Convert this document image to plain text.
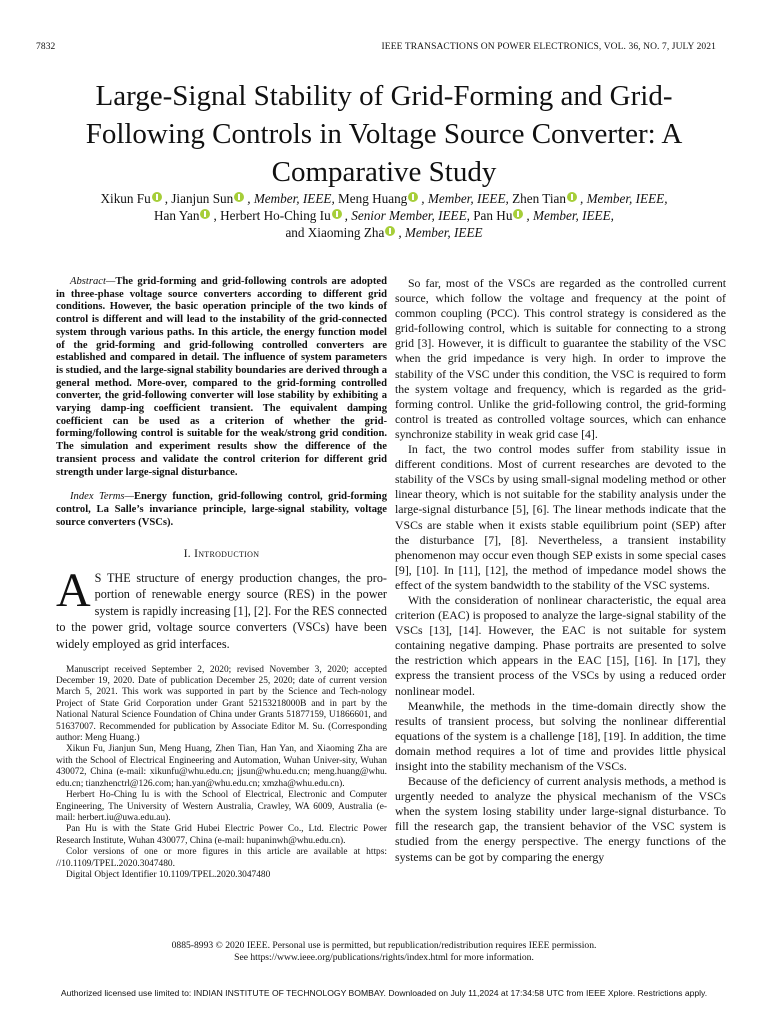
7832	IEEE TRANSACTIONS ON POWER ELECTRONICS, VOL. 36, NO. 7, JULY 2021
Large-Signal Stability of Grid-Forming and Grid-Following Controls in Voltage Source Converter: A Comparative Study
Xikun Fu , Jianjun Sun , Member, IEEE, Meng Huang , Member, IEEE, Zhen Tian , Member, IEEE,
Han Yan , Herbert Ho-Ching Iu , Senior Member, IEEE, Pan Hu , Member, IEEE,
and Xiaoming Zha , Member, IEEE
Abstract—The grid-forming and grid-following controls are adopted in three-phase voltage source converters according to different grid conditions. However, the basic operation principle of the two kinds of control is different and will lead to the instability of the grid-connected system through various paths. In this article, the energy function model of the grid-forming and grid-following controlled converters are established and compared in detail. The influence of system parameters is studied, and the large-signal stability boundaries are derived through a general method. More-over, compared to the grid-forming controlled converter, the grid-following converter will lose stability by exhibiting a varying damp-ing coefficient transient. The equivalent damping coefficient can be used as a criterion of whether the grid-forming/following control is suitable for the weak/strong grid condition. The simulation and experiment results show the difference of the transient process and validate the control criterion for different grid strength under large-signal disturbance.
Index Terms—Energy function, grid-following control, grid-forming control, La Salle’s invariance principle, large-signal stability, voltage source converters (VSCs).
I. Introduction

A S THE structure of energy production changes, the pro-portion of renewable energy source (RES) in the power system is rapidly increasing [1], [2]. For the RES connected to the power grid, voltage source converters (VSCs) have been widely employed as grid interfaces.

Manuscript received September 2, 2020; revised November 3, 2020; accepted December 19, 2020. Date of publication December 25, 2020; date of current version March 5, 2021. This work was supported in part by the Science and Tech-nology Project of State Grid Corporation under Grant 52153218000B and in part by the National Natural Science Foundation of China under Grants 51877159, U1866601, and 51637007. Recommended for publication by Associate Editor M. Su. (Corresponding author: Meng Huang.)

Xikun Fu, Jianjun Sun, Meng Huang, Zhen Tian, Han Yan, and Xiaoming Zha are with the School of Electrical Engineering and Automation, Wuhan Univer-sity, Wuhan 430072, China (e-mail: xikunfu@whu.edu.cn; jjsun@whu.edu.cn; meng.huang@whu. edu.cn; tianzhenctrl@126.com; han.yan@whu.edu.cn; xmzha@whu.edu.cn).

Herbert Ho-Ching Iu is with the School of Electrical, Electronic and Computer Engineering, The University of Western Australia, Crawley, WA 6009, Australia (e-mail: herbert.iu@uwa.edu.au).

Pan Hu is with the State Grid Hubei Electric Power Co., Ltd. Electric Power Research Institute, Wuhan 430077, China (e-mail: hupaninwh@whu.edu.cn).

Color versions of one or more figures in this article are available at https: //10.1109/TPEL.2020.3047480.

Digital Object Identifier 10.1109/TPEL.2020.3047480

So far, most of the VSCs are regarded as the controlled current source, which follow the voltage and frequency at the point of common coupling (PCC). This control strategy is considered as the grid-following control, which is suitable for connecting to a strong grid [3]. However, it is difficult to guarantee the stability of the VSC when the grid impedance is very high. In order to improve the stability of the VSC under this condition, the VSC is required to form the system voltage and frequency, which is regarded as the grid-forming control. Unlike the grid-following control, the grid-forming control is treated as controlled voltage sources, which can enhance synchronize stability in weak grid case [4].

In fact, the two control modes suffer from stability issue in different conditions. Most of current researches are devoted to the stability of the VSCs by using small-signal modeling method or other linear theory, which is not suitable for the stability analysis under the large-signal disturbance [5], [6]. The linear methods indicate that the VSCs are stable when it exists stable equilibrium point (SEP) after the disturbance [7], [8]. Nevertheless, a transient instability phenomenon may occur even though SEP exists in some special cases [9], [10]. In [11], [12], the method of impedance model shows the effect of the system bandwidth to the stability of the VSC systems.

With the consideration of nonlinear characteristic, the equal area criterion (EAC) is proposed to analyze the large-signal stability of the VSCs [13], [14]. However, the EAC is not suitable for system containing negative damping. Phase portraits are presented to solve the restriction which appears in the EAC [15], [16]. In [17], they express the transient process of the VSCs by using a reduced order nonlinear model.

Meanwhile, the methods in the time-domain directly show the results of transient process, but solving the nonlinear differential equations of the system is a challenge [18], [19]. In addition, the time domain method requires a lot of time and provides little physical insight into the stability mechanism of the VSCs.

Because of the deficiency of current analysis methods, a method is urgently needed to analyze the physical mechanism of the VSCs when the system losing stability under large-signal disturbance. To fill the research gap, the transient behavior of the VSC system is studied from the energy perspective. The energy functions of the systems can be got by comparing the energy

0885-8993 © 2020 IEEE. Personal use is permitted, but republication/redistribution requires IEEE permission.
See https://www.ieee.org/publications/rights/index.html for more information.
Authorized licensed use limited to: INDIAN INSTITUTE OF TECHNOLOGY BOMBAY. Downloaded on July 11,2024 at 17:34:58 UTC from IEEE Xplore. Restrictions apply.
